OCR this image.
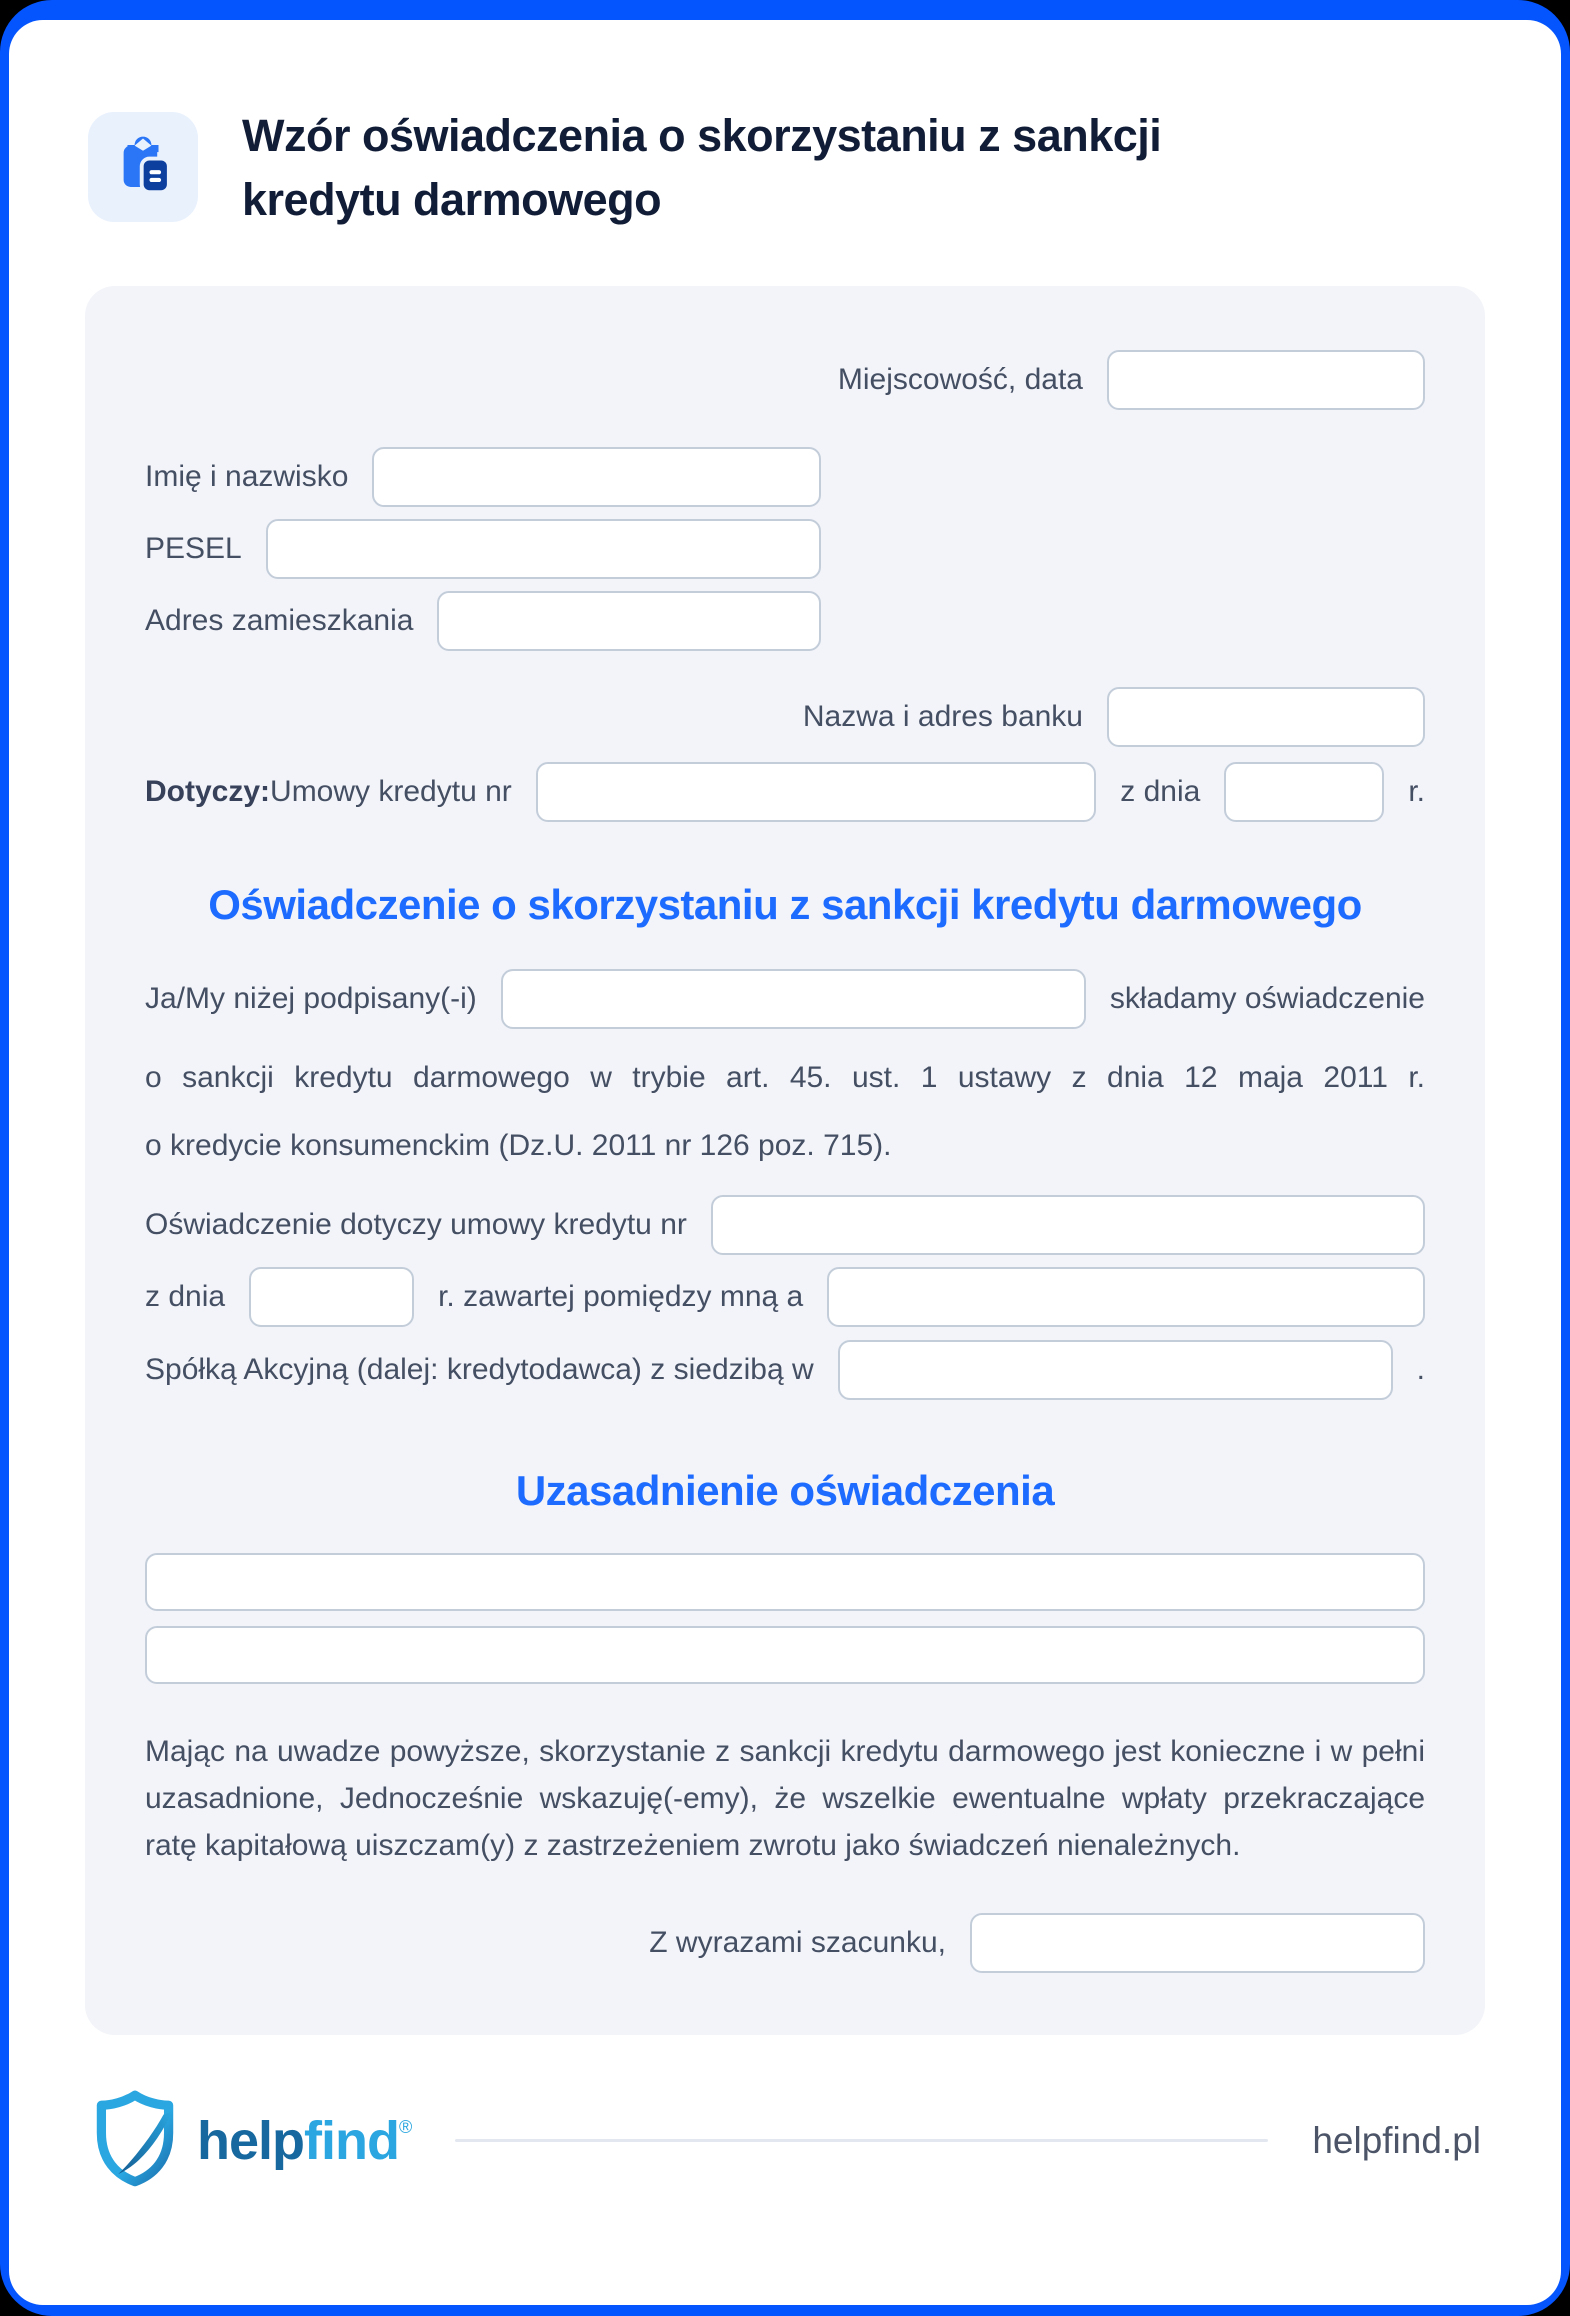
Wzór oświadczenia o skorzystaniu z sankcji
kredytu darmowego
Miejscowość, data
Imię i nazwisko
PESEL
Adres zamieszkania
Nazwa i adres banku
Dotyczy: Umowy kredytu nr	z dnia	r.
Oświadczenie o skorzystaniu z sankcji kredytu darmowego
Ja/My niżej podpisany(-i)	składamy oświadczenie
o sankcji kredytu darmowego w trybie art. 45. ust. 1 ustawy z dnia 12 maja 2011 r.
o kredycie konsumenckim (Dz.U. 2011 nr 126 poz. 715).
Oświadczenie dotyczy umowy kredytu nr
z dnia	r. zawartej pomiędzy mną a
Spółką Akcyjną (dalej: kredytodawca) z siedzibą w	.
Uzasadnienie oświadczenia

Mając na uwadze powyższe, skorzystanie z sankcji kredytu darmowego jest konieczne i w pełni uzasadnione, Jednocześnie wskazuję(-emy), że wszelkie ewentualne wpłaty przekraczające ratę kapitałową uiszczam(y) z zastrzeżeniem zwrotu jako świadczeń nienależnych.

Z wyrazami szacunku,
helpfind®	helpfind.pl
